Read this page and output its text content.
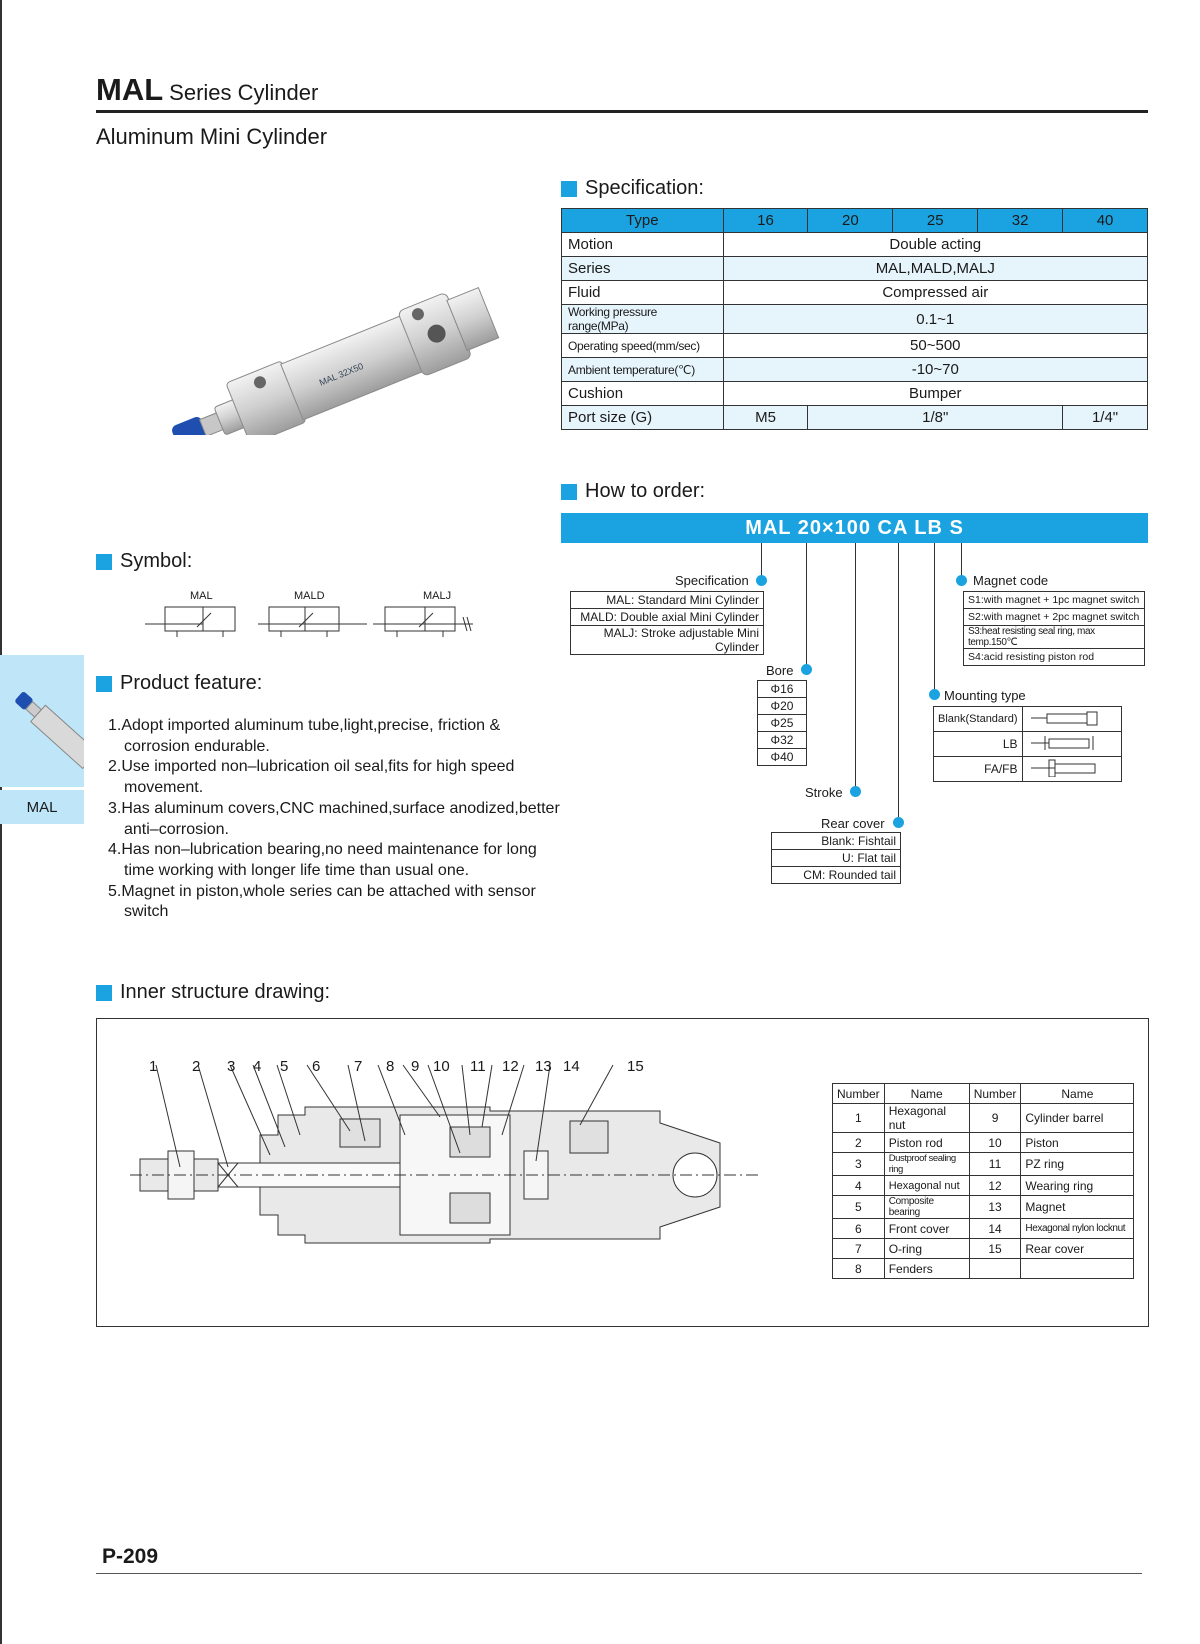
MAL Series Cylinder
Aluminum Mini Cylinder
MAL 32X50
Specification:
Type	16	20	25	32	40
Motion	Double acting				
Series	MAL,MALD,MALJ				
Fluid	Compressed air				
Working pressure range(MPa)	0.1~1				
Operating speed(mm/sec)	50~500				
Ambient temperature(℃)	-10~70				
Cushion	Bumper				
Port size (G)	M5	1/8"			1/4"
How to order:
MAL 20×100 CA LB S
Specification
MAL: Standard Mini Cylinder
MALD: Double axial Mini Cylinder
MALJ: Stroke adjustable Mini Cylinder
Bore
Φ16
Φ20
Φ25
Φ32
Φ40
Stroke
Rear cover
Blank: Fishtail
U: Flat tail
CM: Rounded tail
Mounting type
Blank(Standard)	
LB	
FA/FB	
Magnet code
S1:with magnet + 1pc magnet switch
S2:with magnet + 2pc magnet switch
S3:heat resisting seal ring, max temp.150℃
S4:acid resisting piston rod
Symbol:
MAL	MALD	MALJ
MAL
Product feature:
1.Adopt imported aluminum tube,light,precise, friction & corrosion endurable.
2.Use imported non–lubrication oil seal,fits for high speed movement.
3.Has aluminum covers,CNC machined,surface anodized,better anti–corrosion.
4.Has non–lubrication bearing,no need maintenance for long time working with longer life time than usual one.
5.Magnet in piston,whole series can be attached with sensor switch
Inner structure drawing:
1 2 3 4 5 6 7 8 9 10 11 12 13 14	15
Number	Name	Number	Name
1	Hexagonal nut	9	Cylinder barrel
2	Piston rod	10	Piston
3	Dustproof sealing ring	11	PZ ring
4	Hexagonal nut	12	Wearing ring
5	Composite bearing	13	Magnet
6	Front cover	14	Hexagonal nylon locknut
7	O-ring	15	Rear cover
8	Fenders		
P-209
